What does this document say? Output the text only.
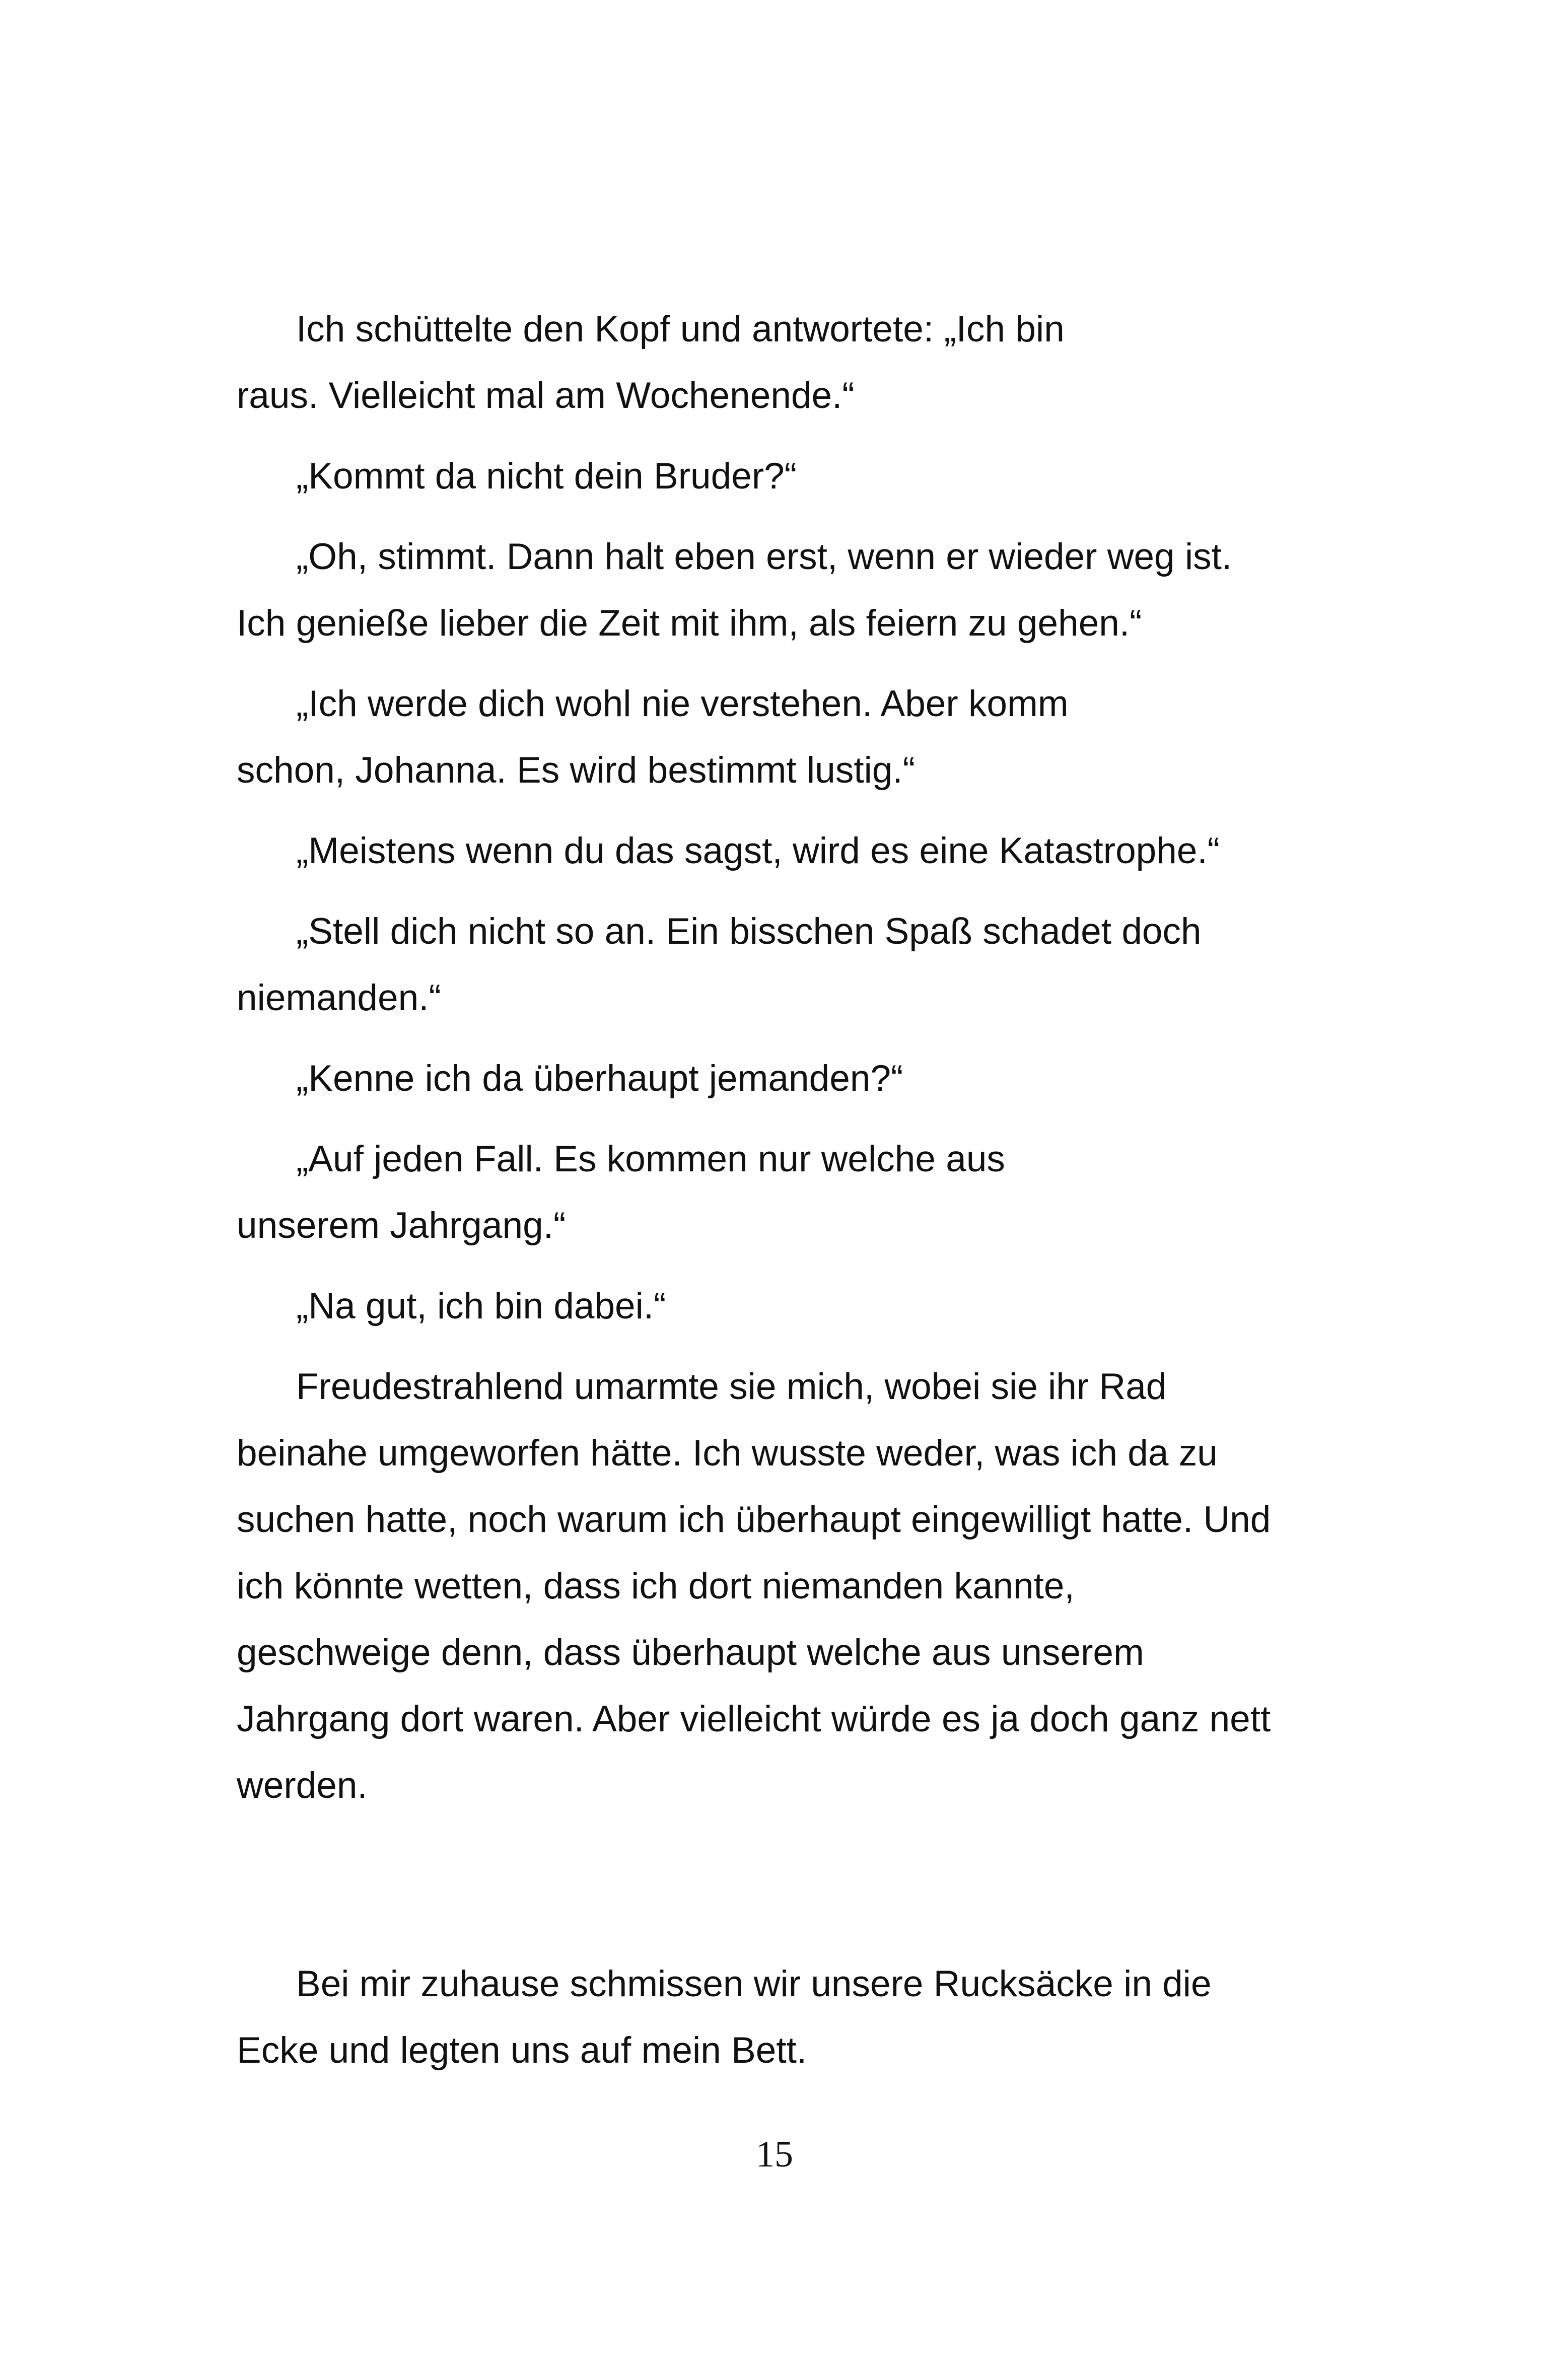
Ich schüttelte den Kopf und antwortete: „Ich bin
raus. Vielleicht mal am Wochenende.“
„Kommt da nicht dein Bruder?“
„Oh, stimmt. Dann halt eben erst, wenn er wieder weg ist.
Ich genieße lieber die Zeit mit ihm, als feiern zu gehen.“
„Ich werde dich wohl nie verstehen. Aber komm
schon, Johanna. Es wird bestimmt lustig.“
„Meistens wenn du das sagst, wird es eine Katastrophe.“
„Stell dich nicht so an. Ein bisschen Spaß schadet doch
niemanden.“
„Kenne ich da überhaupt jemanden?“
„Auf jeden Fall. Es kommen nur welche aus
unserem Jahrgang.“
„Na gut, ich bin dabei.“
Freudestrahlend umarmte sie mich, wobei sie ihr Rad
beinahe umgeworfen hätte. Ich wusste weder, was ich da zu
suchen hatte, noch warum ich überhaupt eingewilligt hatte. Und
ich könnte wetten, dass ich dort niemanden kannte,
geschweige denn, dass überhaupt welche aus unserem
Jahrgang dort waren. Aber vielleicht würde es ja doch ganz nett
werden.
Bei mir zuhause schmissen wir unsere Rucksäcke in die
Ecke und legten uns auf mein Bett.
15
